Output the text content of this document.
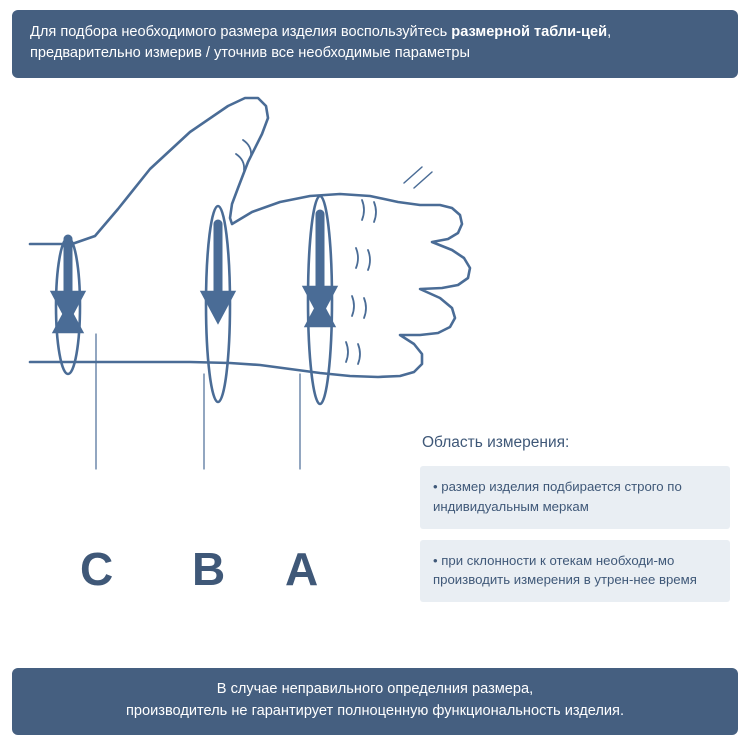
Для подбора необходимого размера изделия воспользуйтесь размерной табли-цей, предварительно измерив / уточнив все необходимые параметры
C B A
Область измерения:
• размер изделия подбирается строго по индивидуальным меркам
• при склонности к отекам необходи-мо производить измерения в утрен-нее время
В случае неправильного определния размера,
производитель не гарантирует полноценную функциональность изделия.
